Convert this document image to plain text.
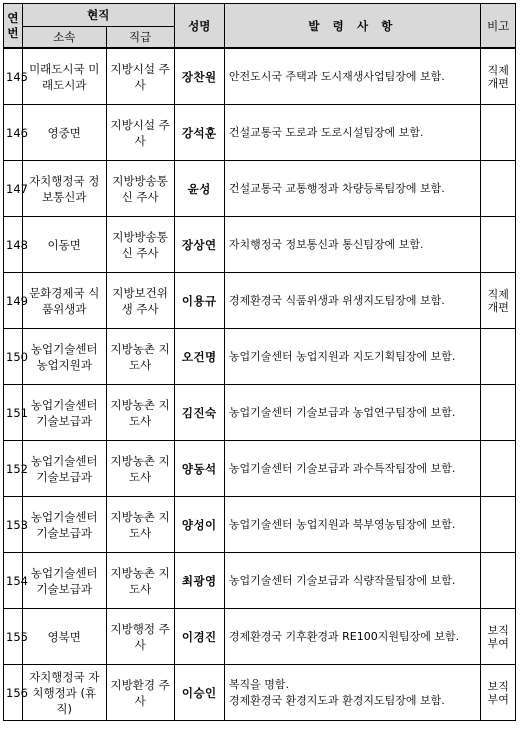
연
번	현직		성명	발 령 사 항	비고
	소속	직급			
145	미래도시국 미래도시과	지방시설 주사	장찬원	안전도시국 주택과 도시재생사업팀장에 보함.	직제 개편
146	영중면	지방시설 주사	강석훈	건설교통국 도로과 도로시설팀장에 보함.	

147	자치행정국 정보통신과	지방방송통신 주사	윤성	건설교통국 교통행정과 차량등록팀장에 보함.	

148	이동면	지방방송통신 주사	장상연	자치행정국 정보통신과 통신팀장에 보함.	

149	문화경제국 식품위생과	지방보건위생 주사	이용규	경제환경국 식품위생과 위생지도팀장에 보함.	직제 개편
150	농업기술센터 농업지원과	지방농촌 지도사	오건명	농업기술센터 농업지원과 지도기획팀장에 보함.	

151	농업기술센터 기술보급과	지방농촌 지도사	김진숙	농업기술센터 기술보급과 농업연구팀장에 보함.	

152	농업기술센터 기술보급과	지방농촌 지도사	양동석	농업기술센터 기술보급과 과수특작팀장에 보함.	

153	농업기술센터 기술보급과	지방농촌 지도사	양성이	농업기술센터 농업지원과 북부영농팀장에 보함.	

154	농업기술센터 기술보급과	지방농촌 지도사	최광영	농업기술센터 기술보급과 식량작물팀장에 보함.	

155	영북면	지방행정 주사	이경진	경제환경국 기후환경과 RE100지원팀장에 보함.	보직 부여
156	자치행정국 자치행정과 (휴직)	지방환경 주사	이승인	복직을 명함.
경제환경국 환경지도과 환경지도팀장에 보함.	보직 부여
